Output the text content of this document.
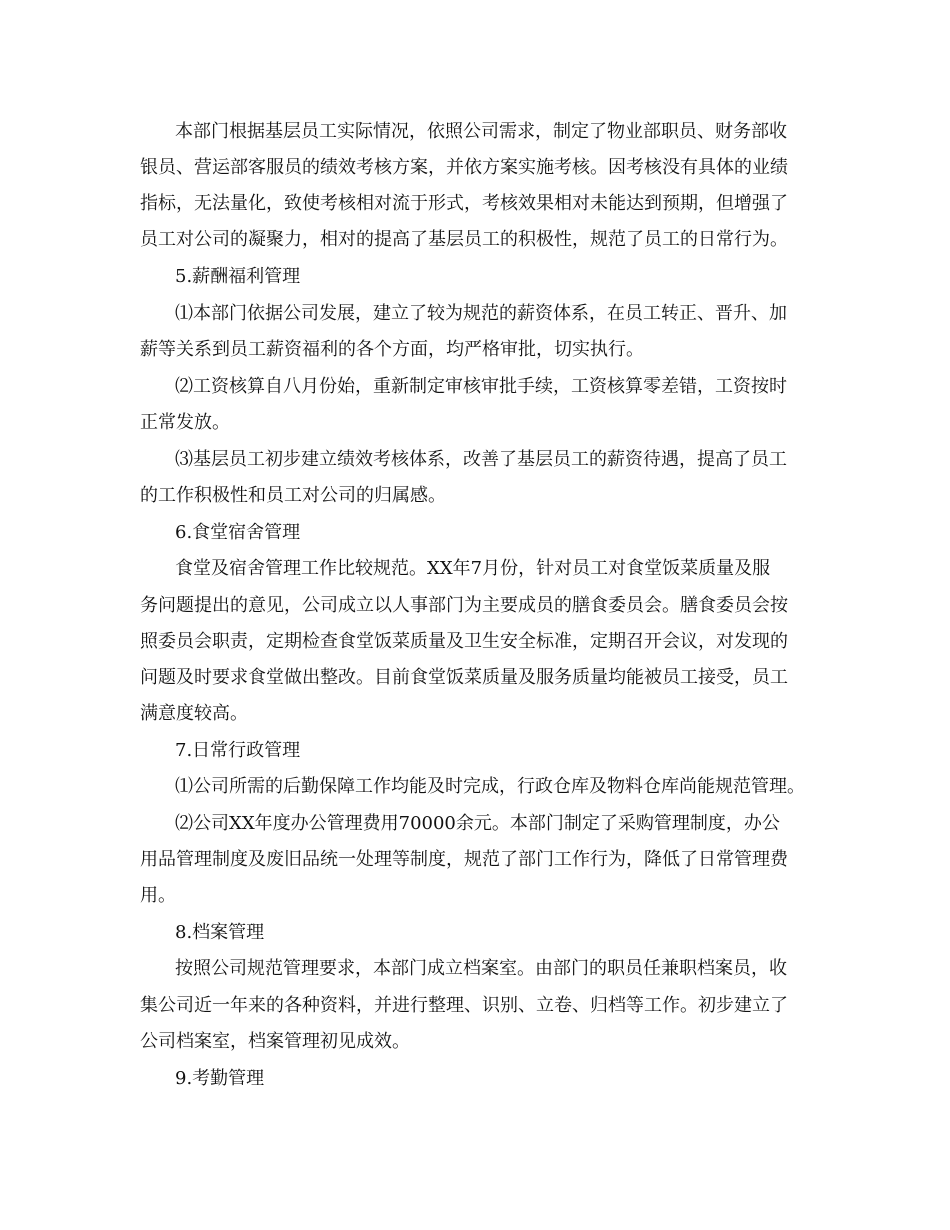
本部门根据基层员工实际情况，依照公司需求，制定了物业部职员、财务部收
银员、营运部客服员的绩效考核方案，并依方案实施考核。因考核没有具体的业绩
指标，无法量化，致使考核相对流于形式，考核效果相对未能达到预期，但增强了
员工对公司的凝聚力，相对的提高了基层员工的积极性，规范了员工的日常行为。
5.薪酬福利管理
⑴本部门依据公司发展，建立了较为规范的薪资体系，在员工转正、晋升、加
薪等关系到员工薪资福利的各个方面，均严格审批，切实执行。
⑵工资核算自八月份始，重新制定审核审批手续，工资核算零差错，工资按时
正常发放。
⑶基层员工初步建立绩效考核体系，改善了基层员工的薪资待遇，提高了员工
的工作积极性和员工对公司的归属感。
6.食堂宿舍管理
食堂及宿舍管理工作比较规范。XX年7月份，针对员工对食堂饭菜质量及服
务问题提出的意见，公司成立以人事部门为主要成员的膳食委员会。膳食委员会按
照委员会职责，定期检查食堂饭菜质量及卫生安全标准，定期召开会议，对发现的
问题及时要求食堂做出整改。目前食堂饭菜质量及服务质量均能被员工接受，员工
满意度较高。
7.日常行政管理
⑴公司所需的后勤保障工作均能及时完成，行政仓库及物料仓库尚能规范管理。
⑵公司XX年度办公管理费用70000余元。本部门制定了采购管理制度，办公
用品管理制度及废旧品统一处理等制度，规范了部门工作行为，降低了日常管理费
用。
8.档案管理
按照公司规范管理要求，本部门成立档案室。由部门的职员任兼职档案员，收
集公司近一年来的各种资料，并进行整理、识别、立卷、归档等工作。初步建立了
公司档案室，档案管理初见成效。
9.考勤管理
